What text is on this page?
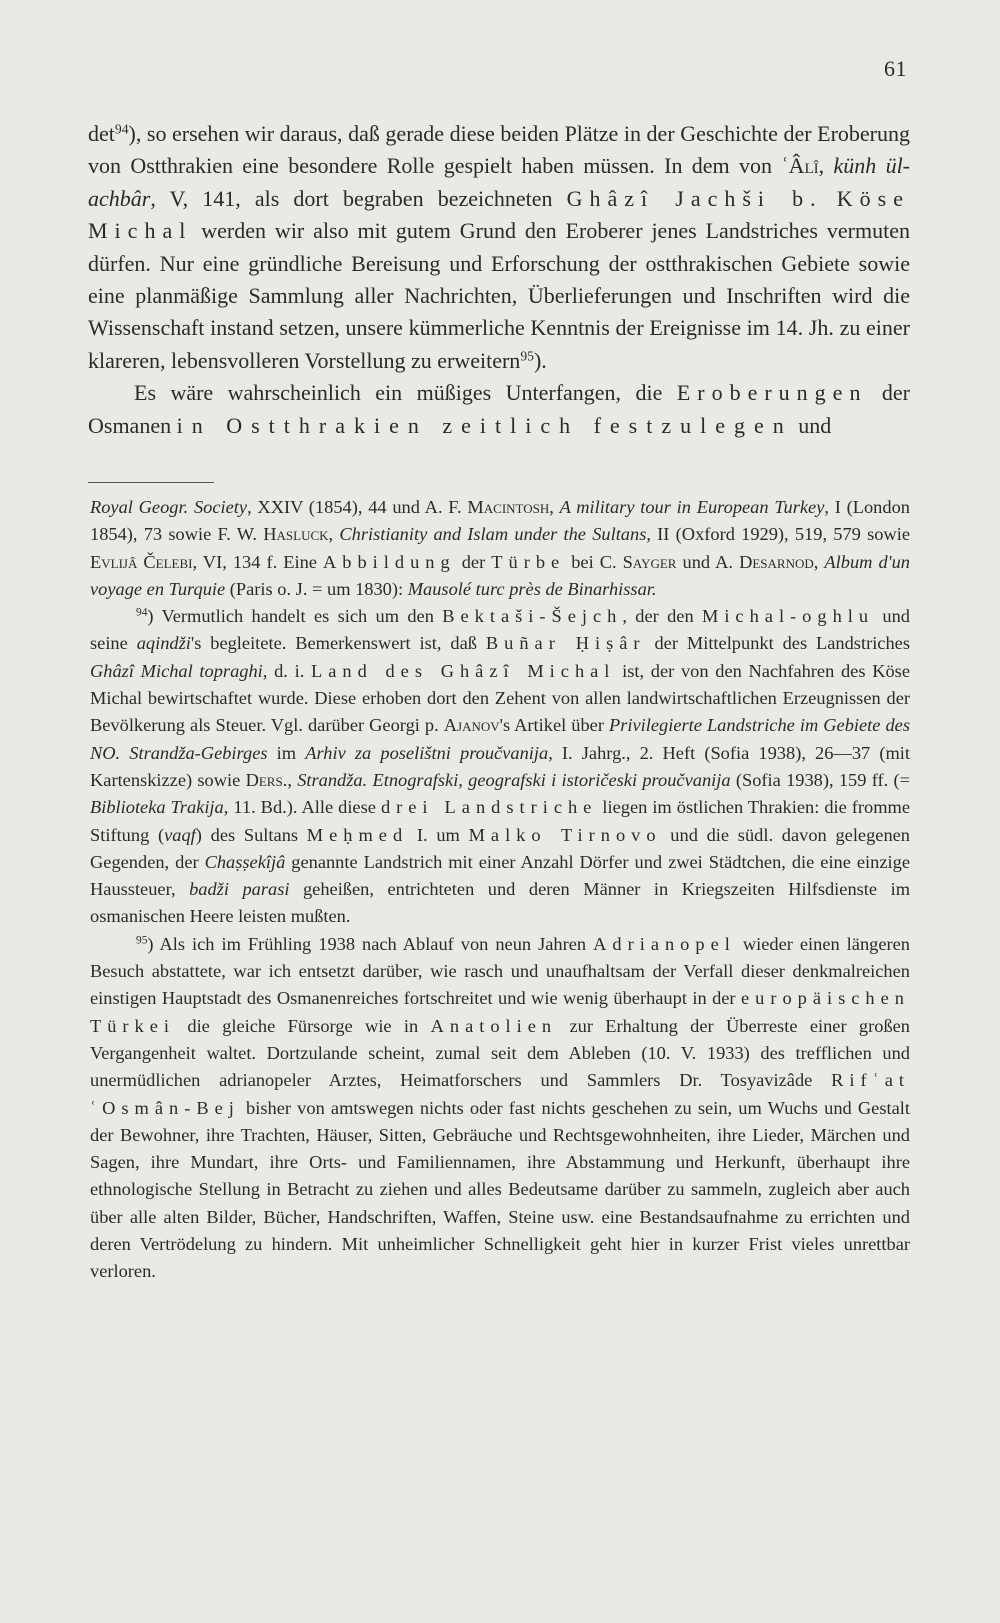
61

$\det^{94}$), so ersehen wir daraus, daß gerade diese beiden Plätze in der Geschichte der Eroberung von Ostthrakien eine besondere Rolle gespielt haben müssen. In dem von ʿÂlî, künh ül-achbâr, V, 141, als dort begraben bezeichneten Ghâzî Jachši b. Köse Michal werden wir also mit gutem Grund den Eroberer jenes Landstriches vermuten dürfen. Nur eine gründliche Bereisung und Erforschung der ostthrakischen Gebiete sowie eine planmäßige Sammlung aller Nachrichten, Überlieferungen und Inschriften wird die Wissenschaft instand setzen, unsere kümmerliche Kenntnis der Ereignisse im 14. Jh. zu einer klareren, lebensvolleren Vorstellung zu erweitern$^{95}$).

Es wäre wahrscheinlich ein müßiges Unterfangen, die Eroberungen der Osmanen in Ostthrakien zeitlich festzulegen und

Royal Geogr. Society, XXIV (1854), 44 und A. F. Macintosh, A military tour in European Turkey, I (London 1854), 73 sowie F. W. Hasluck, Christianity and Islam under the Sultans, II (Oxford 1929), 519, 579 sowie Evlijâ Čelebi, VI, 134 f. Eine Abbildung der Türbe bei C. Sayger und A. Desarnod, Album d'un voyage en Turquie (Paris o. J. = um 1830): Mausolé turc près de Binarhissar.

$^{94}$) Vermutlich handelt es sich um den Bektaši-Šejch, der den Michal-oghlu und seine aqindži's begleitete. Bemerkenswert ist, daß Buñar Ḥiṣâr der Mittelpunkt des Landstriches Ghâzî Michal topraghi, d. i. Land des Ghâzî Michal ist, der von den Nachfahren des Köse Michal bewirtschaftet wurde. Diese erhoben dort den Zehent von allen landwirtschaftlichen Erzeugnissen der Bevölkerung als Steuer. Vgl. darüber Georgi p. Ajanov's Artikel über Privilegierte Landstriche im Gebiete des NO. Strandža-Gebirges im Arhiv za poselištni proučvanija, I. Jahrg., 2. Heft (Sofia 1938), 26—37 (mit Kartenskizze) sowie Ders., Strandža. Etnografski, geografski i istoričeski proučvanija (Sofia 1938), 159 ff. (= Biblioteka Trakija, 11. Bd.). Alle diese drei Landstriche liegen im östlichen Thrakien: die fromme Stiftung (vaqf) des Sultans Meḥmed I. um Malko Tirnovo und die südl. davon gelegenen Gegenden, der Chaṣṣekîjâ genannte Landstrich mit einer Anzahl Dörfer und zwei Städtchen, die eine einzige Haussteuer, badži parasi geheißen, entrichteten und deren Männer in Kriegszeiten Hilfsdienste im osmanischen Heere leisten mußten.

$^{95}$) Als ich im Frühling 1938 nach Ablauf von neun Jahren Adrianopel wieder einen längeren Besuch abstattete, war ich entsetzt darüber, wie rasch und unaufhaltsam der Verfall dieser denkmalreichen einstigen Hauptstadt des Osmanenreiches fortschreitet und wie wenig überhaupt in der europäischen Türkei die gleiche Fürsorge wie in Anatolien zur Erhaltung der Überreste einer großen Vergangenheit waltet. Dortzulande scheint, zumal seit dem Ableben (10. V. 1933) des trefflichen und unermüdlichen adrianopeler Arztes, Heimatforschers und Sammlers Dr. Tosyavizâde Rifʿat ʿOsmân-Bej bisher von amtswegen nichts oder fast nichts geschehen zu sein, um Wuchs und Gestalt der Bewohner, ihre Trachten, Häuser, Sitten, Gebräuche und Rechtsgewohnheiten, ihre Lieder, Märchen und Sagen, ihre Mundart, ihre Orts- und Familiennamen, ihre Abstammung und Herkunft, überhaupt ihre ethnologische Stellung in Betracht zu ziehen und alles Bedeutsame darüber zu sammeln, zugleich aber auch über alle alten Bilder, Bücher, Handschriften, Waffen, Steine usw. eine Bestandsaufnahme zu errichten und deren Vertrödelung zu hindern. Mit unheimlicher Schnelligkeit geht hier in kurzer Frist vieles unrettbar verloren.
